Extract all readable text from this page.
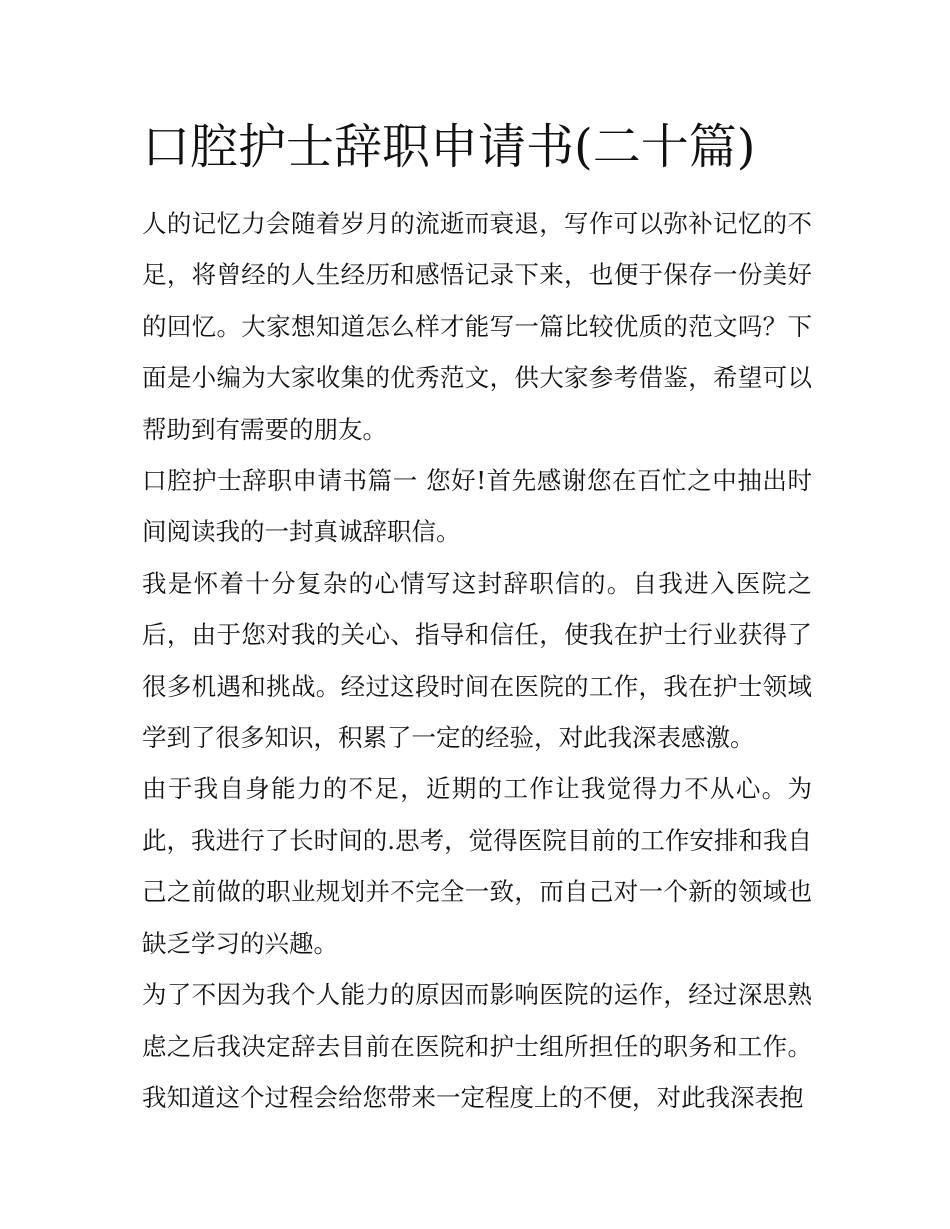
口腔护士辞职申请书(二十篇)

人的记忆力会随着岁月的流逝而衰退，写作可以弥补记忆的不足，将曾经的人生经历和感悟记录下来，也便于保存一份美好的回忆。大家想知道怎么样才能写一篇比较优质的范文吗？下面是小编为大家收集的优秀范文，供大家参考借鉴，希望可以帮助到有需要的朋友。

口腔护士辞职申请书篇一 您好!首先感谢您在百忙之中抽出时间阅读我的一封真诚辞职信。

我是怀着十分复杂的心情写这封辞职信的。自我进入医院之后，由于您对我的关心、指导和信任，使我在护士行业获得了很多机遇和挑战。经过这段时间在医院的工作，我在护士领域学到了很多知识，积累了一定的经验，对此我深表感激。

由于我自身能力的不足，近期的工作让我觉得力不从心。为此，我进行了长时间的.思考，觉得医院目前的工作安排和我自己之前做的职业规划并不完全一致，而自己对一个新的领域也缺乏学习的兴趣。

为了不因为我个人能力的原因而影响医院的运作，经过深思熟虑之后我决定辞去目前在医院和护士组所担任的职务和工作。我知道这个过程会给您带来一定程度上的不便，对此我深表抱
